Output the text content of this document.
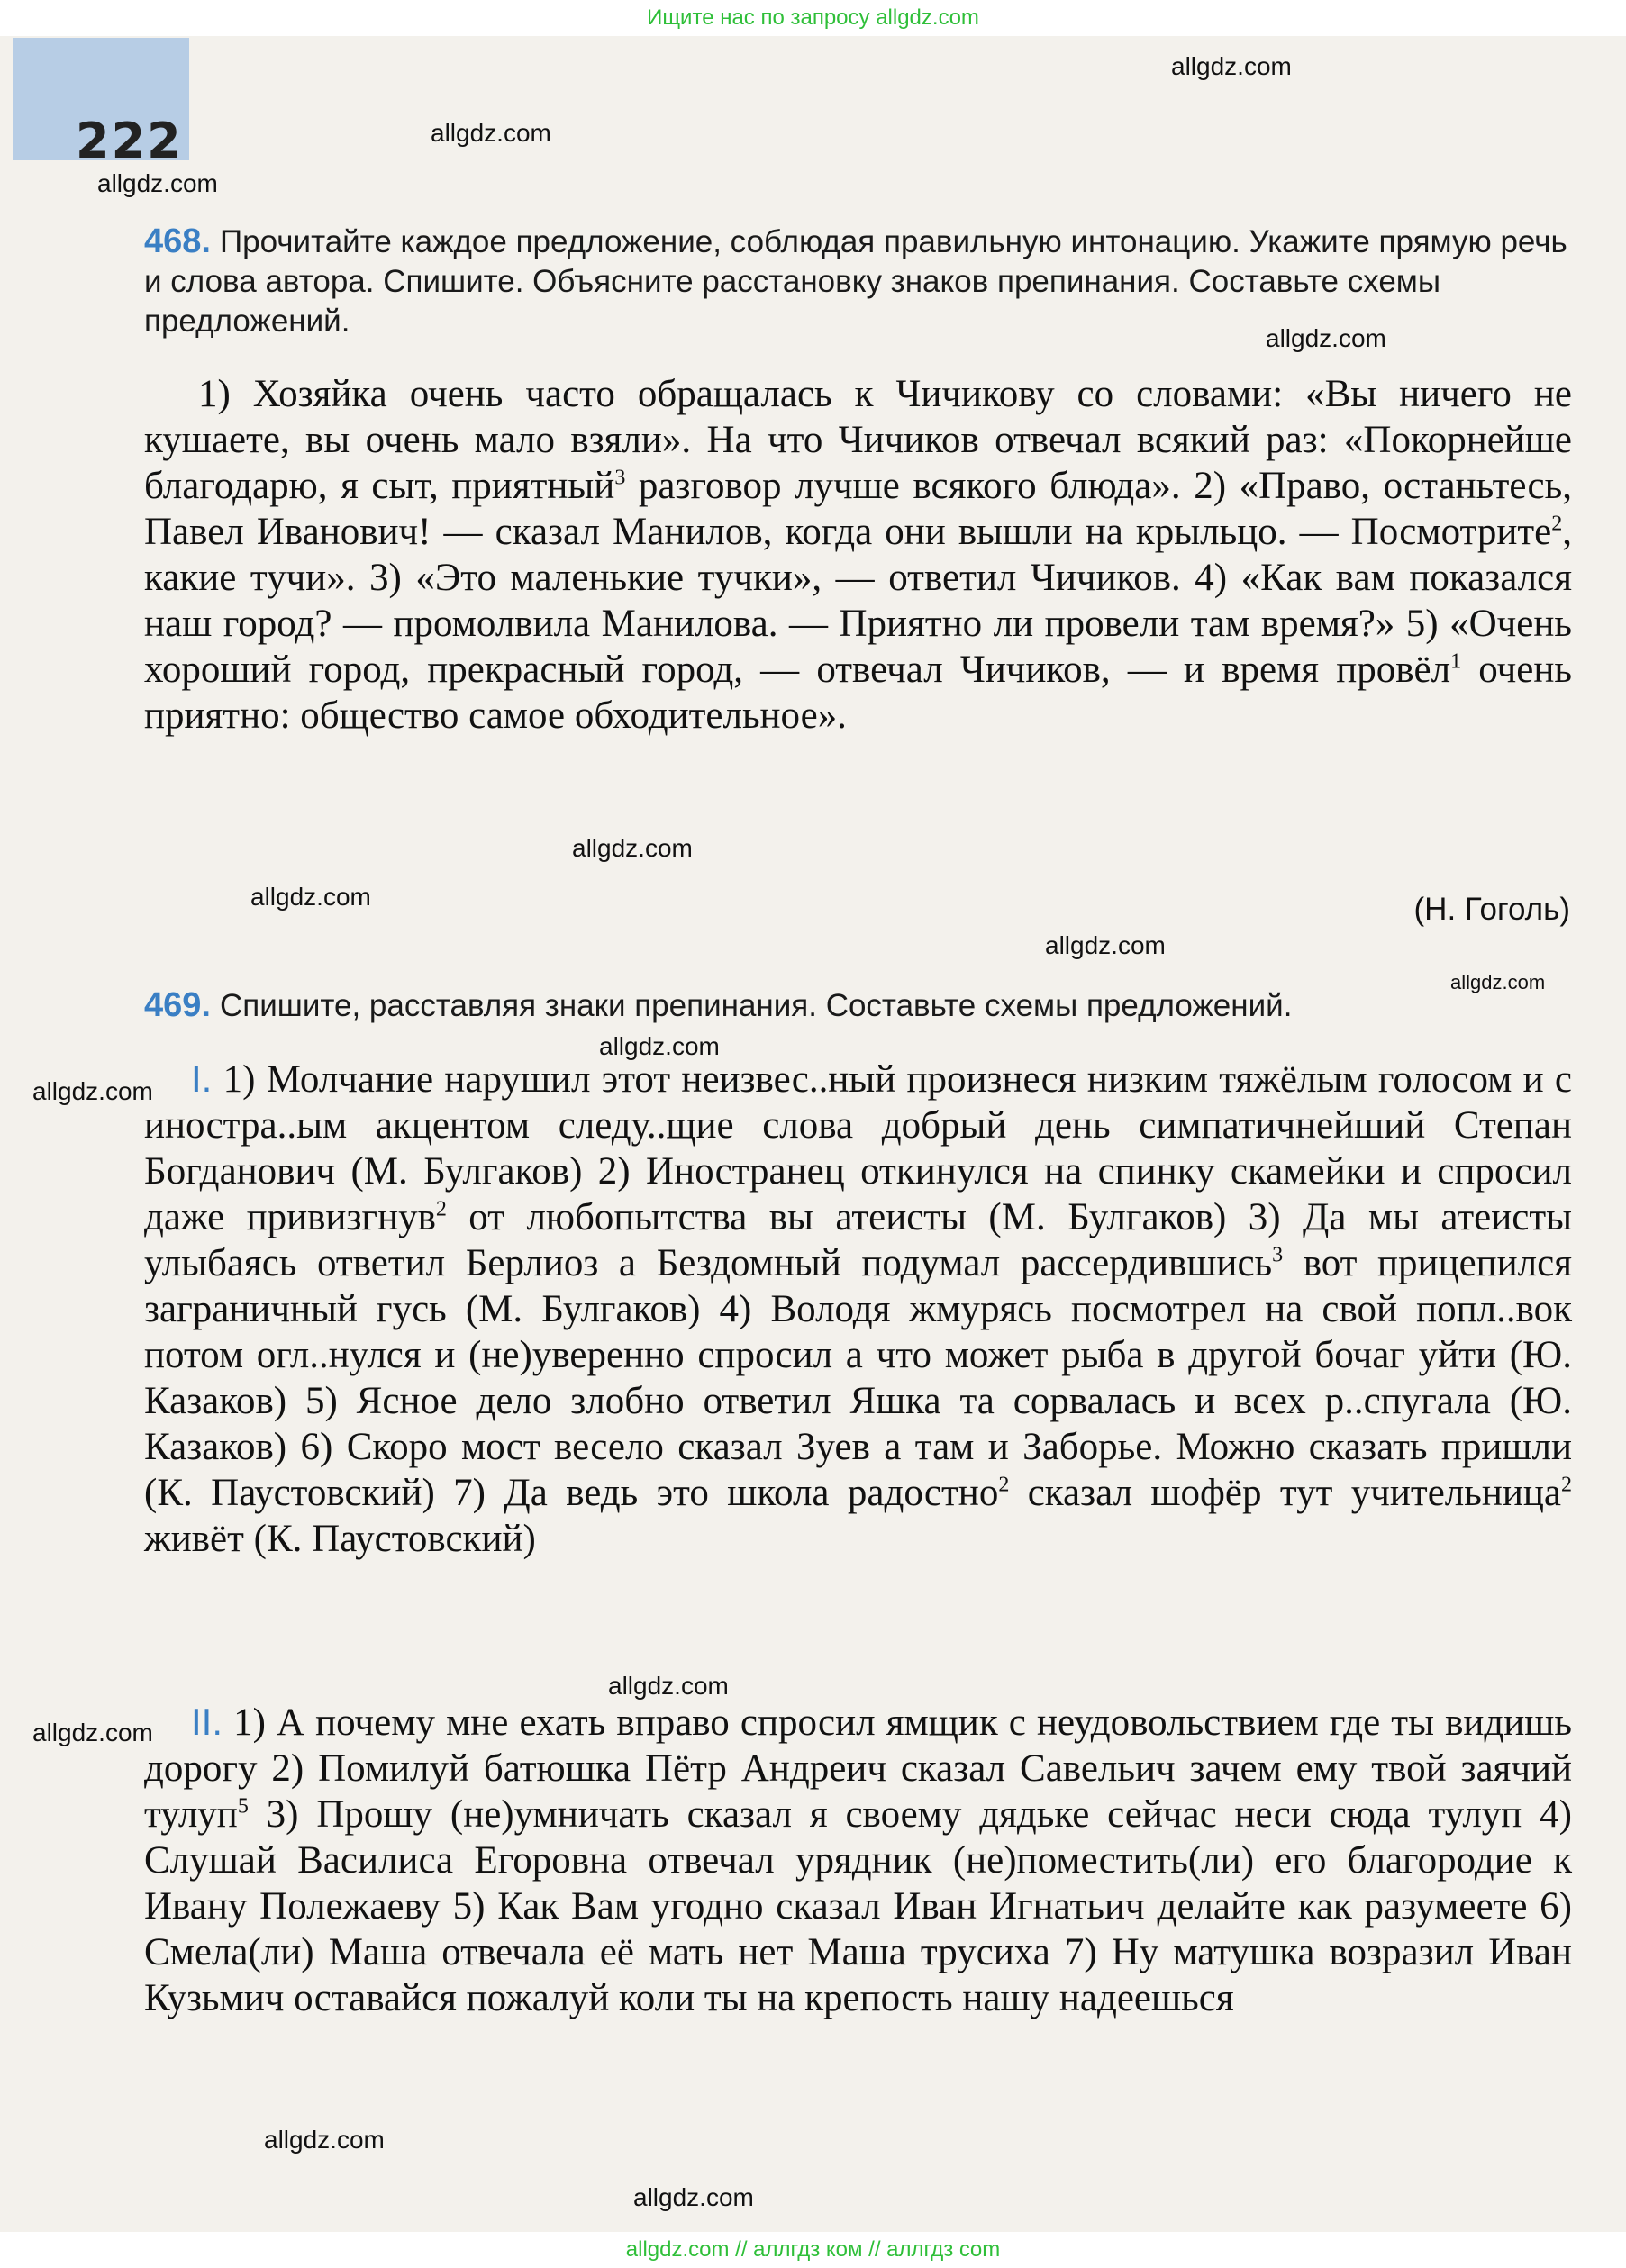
Ищите нас по запросу allgdz.com
222
allgdz.com
allgdz.com
allgdz.com
allgdz.com
allgdz.com
allgdz.com
allgdz.com
allgdz.com
allgdz.com
allgdz.com
allgdz.com
allgdz.com
allgdz.com
allgdz.com
468. Прочитайте каждое предложение, соблюдая правильную интонацию. Укажите прямую речь и слова автора. Спишите. Объясните расстановку знаков препинания. Составьте схемы предложений.

1) Хозяйка очень часто обращалась к Чичикову со словами: «Вы ничего не кушаете, вы очень мало взяли». На что Чичиков отвечал всякий раз: «Покорнейше благодарю, я сыт, приятный$^3$ разговор лучше всякого блюда». 2) «Право, останьтесь, Павел Иванович! — сказал Манилов, когда они вышли на крыльцо. — Посмотрите$^2$, какие тучи». 3) «Это маленькие тучки», — ответил Чичиков. 4) «Как вам показался наш город? — промолвила Манилова. — Приятно ли провели там время?» 5) «Очень хороший город, прекрасный город, — отвечал Чичиков, — и время провёл$^1$ очень приятно: общество самое обходительное».

(Н. Гоголь)
469. Спишите, расставляя знаки препинания. Составьте схемы предложений.

I. 1) Молчание нарушил этот неизвес..ный произнеся низким тяжёлым голосом и с иностра..ым акцентом следу..щие слова добрый день симпатичнейший Степан Богданович (М. Булгаков) 2) Иностранец откинулся на спинку скамейки и спросил даже привизгнув$^2$ от любопытства вы атеисты (М. Булгаков) 3) Да мы атеисты улыбаясь ответил Берлиоз а Бездомный подумал рассердившись$^3$ вот прицепился заграничный гусь (М. Булгаков) 4) Володя жмурясь посмотрел на свой попл..вок потом огл..нулся и (не)уверенно спросил а что может рыба в другой бочаг уйти (Ю. Казаков) 5) Ясное дело злобно ответил Яшка та сорвалась и всех р..спугала (Ю. Казаков) 6) Скоро мост весело сказал Зуев а там и Заборье. Можно сказать пришли (К. Паустовский) 7) Да ведь это школа радостно$^2$ сказал шофёр тут учительница$^2$ живёт (К. Паустовский)

II. 1) А почему мне ехать вправо спросил ямщик с неудовольствием где ты видишь дорогу 2) Помилуй батюшка Пётр Андреич сказал Савельич зачем ему твой заячий тулуп$^5$ 3) Прошу (не)умничать сказал я своему дядьке сейчас неси сюда тулуп 4) Слушай Василиса Егоровна отвечал урядник (не)поместить(ли) его благородие к Ивану Полежаеву 5) Как Вам угодно сказал Иван Игнатьич делайте как разумеете 6) Смела(ли) Маша отвечала её мать нет Маша трусиха 7) Ну матушка возразил Иван Кузьмич оставайся пожалуй коли ты на крепость нашу надеешься

allgdz.com // аллгдз ком // аллгдз com
